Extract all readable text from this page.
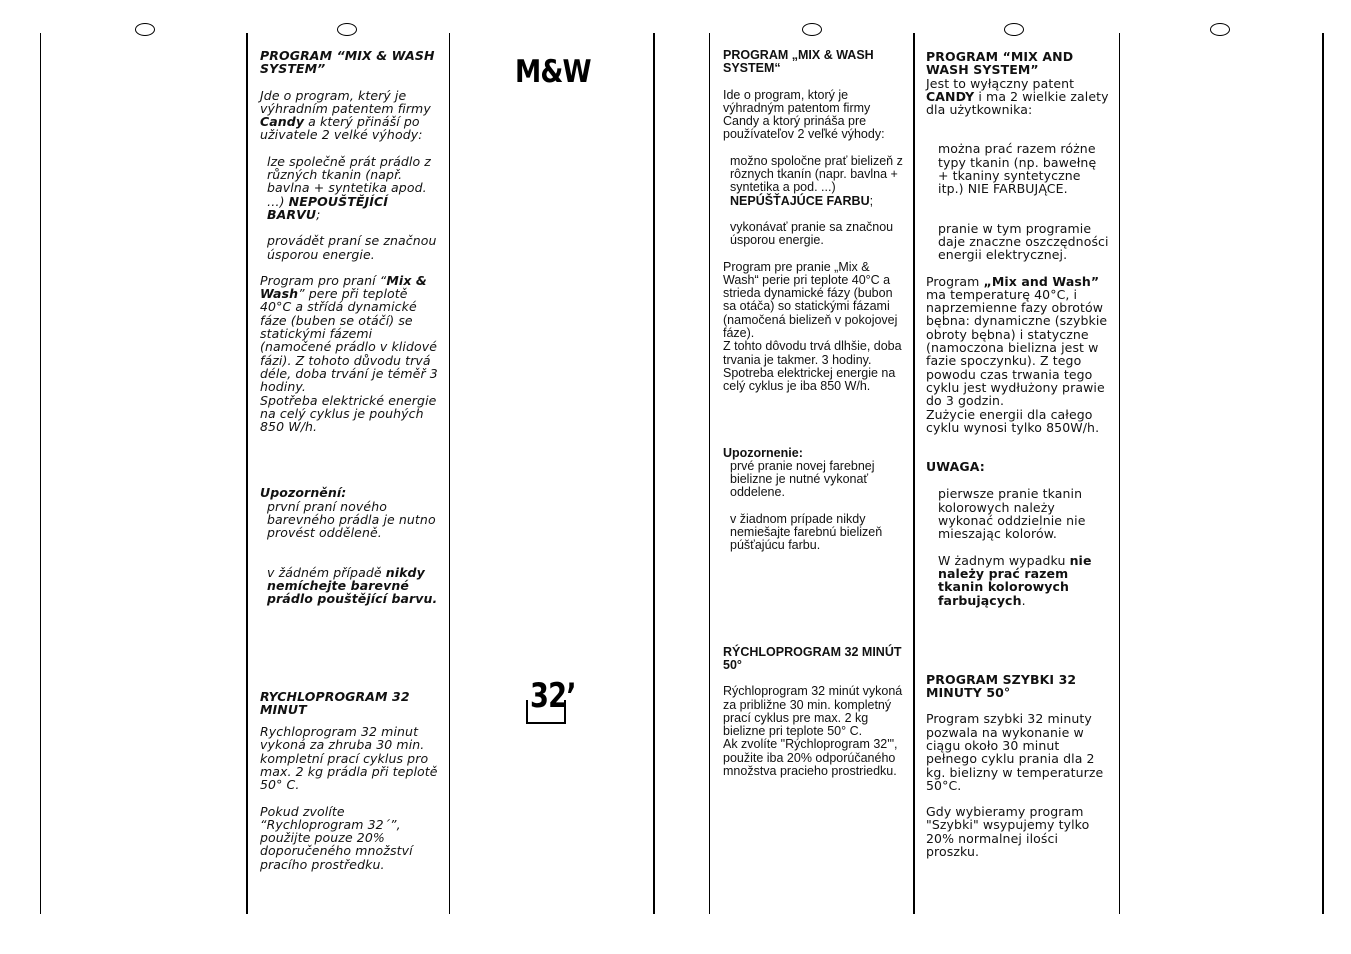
M&W
32’

PROGRAM “MIX & WASH SYSTEM”

Jde o program, který je výhradním patentem firmy Candy a který přináší po uživatele 2 velké výhody:

lze společně prát prádlo z různých tkanin (např. bavlna + syntetika apod. …) NEPOUŠTĚJÍCÍ BARVU;

provádět praní se značnou úsporou energie.

Program pro praní “Mix & Wash” pere při teplotě 40°C a střídá dynamické fáze (buben se otáčí) se statickými fázemi (namočené prádlo v klidové fázi). Z tohoto důvodu trvá déle, doba trvání je téměř 3 hodiny.

Spotřeba elektrické energie na celý cyklus je pouhých 850 W/h.

Upozornění:

první praní nového barevného prádla je nutno provést odděleně.

v žádném případě nikdy nemíchejte barevné prádlo pouštějící barvu.

RYCHLOPROGRAM 32 MINUT

Rychloprogram 32 minut vykoná za zhruba 30 min. kompletní prací cyklus pro max. 2 kg prádla při teplotě 50° C.

Pokud zvolíte “Rychloprogram 32´”, použijte pouze 20% doporučeného množství pracího prostředku.

PROGRAM „MIX & WASH SYSTEM“

Ide o program, ktorý je výhradným patentom firmy Candy a ktorý prináša pre používateľov 2 veľké výhody:

možno spoločne prať bielizeň z rôznych tkanín (napr. bavlna + syntetika a pod. ...) NEPÚŠŤAJÚCE FARBU;

vykonávať pranie sa značnou úsporou energie.

Program pre pranie „Mix & Wash“ perie pri teplote 40°C a strieda dynamické fázy (bubon sa otáča) so statickými fázami (namočená bielizeň v pokojovej fáze).

Z tohto dôvodu trvá dlhšie, doba trvania je takmer. 3 hodiny.

Spotreba elektrickej energie na celý cyklus je iba 850 W/h.

Upozornenie:

prvé pranie novej farebnej bielizne je nutné vykonať oddelene.

v žiadnom prípade nikdy nemiešajte farebnú bielizeň púšťajúcu farbu.

RÝCHLOPROGRAM 32 MINÚT 50°

Rýchloprogram 32 minút vykoná za približne 30 min. kompletný prací cyklus pre max. 2 kg bielizne pri teplote 50° C.

Ak zvolíte "Rýchloprogram 32'", použite iba 20% odporúčaného množstva pracieho prostriedku.

PROGRAM “MIX AND WASH SYSTEM”

Jest to wyłączny patent CANDY i ma 2 wielkie zalety dla użytkownika:

można prać razem różne typy tkanin (np. bawełnę + tkaniny syntetyczne itp.) NIE FARBUJĄCE.

pranie w tym programie daje znaczne oszczędności energii elektrycznej.

Program „Mix and Wash” ma temperaturę 40°C, i naprzemienne fazy obrotów bębna: dynamiczne (szybkie obroty bębna) i statyczne (namoczona bielizna jest w fazie spoczynku). Z tego powodu czas trwania tego cyklu jest wydłużony prawie do 3 godzin.

Zużycie energii dla całego cyklu wynosi tylko 850W/h.

UWAGA:

pierwsze pranie tkanin kolorowych należy wykonać oddzielnie nie mieszając kolorów.

W żadnym wypadku nie należy prać razem tkanin kolorowych farbujących.

PROGRAM SZYBKI 32 MINUTY 50°

Program szybki 32 minuty pozwala na wykonanie w ciągu około 30 minut pełnego cyklu prania dla 2 kg. bielizny w temperaturze 50°C.

Gdy wybieramy program "Szybki" wsypujemy tylko 20% normalnej ilości proszku.
